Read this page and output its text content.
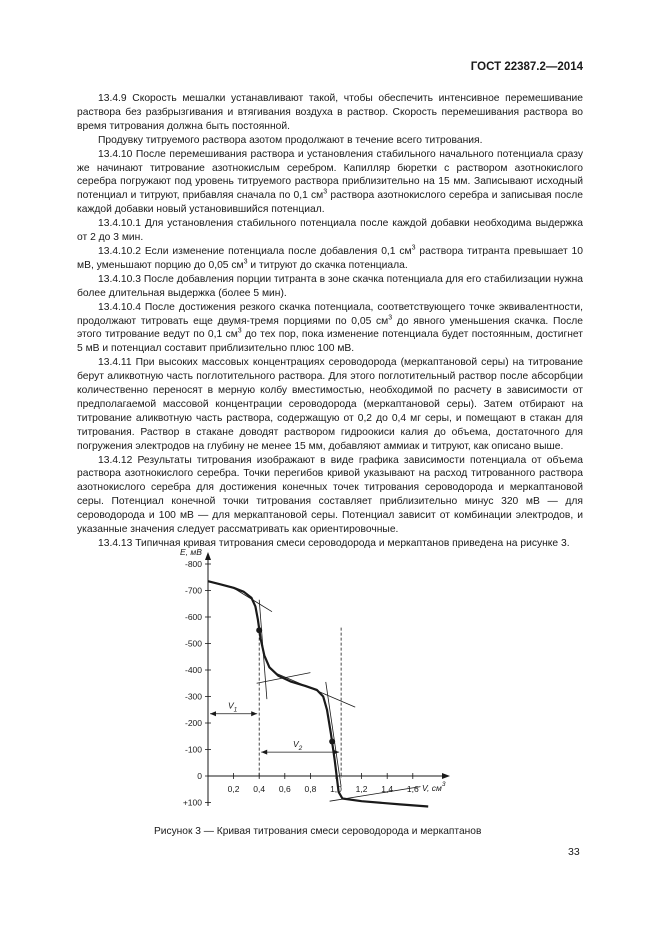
ГОСТ 22387.2—2014

13.4.9 Скорость мешалки устанавливают такой, чтобы обеспечить интенсивное перемешивание раствора без разбрызгивания и втягивания воздуха в раствор. Скорость перемешивания раствора во время титрования должна быть постоянной.

Продувку титруемого раствора азотом продолжают в течение всего титрования.

13.4.10 После перемешивания раствора и установления стабильного начального потенциала сразу же начинают титрование азотнокислым серебром. Капилляр бюретки с раствором азотнокислого серебра погружают под уровень титруемого раствора приблизительно на 15 мм. Записывают исходный потенциал и титруют, прибавляя сначала по 0,1 $см^3$ раствора азотнокислого серебра и записывая после каждой добавки новый установившийся потенциал.

13.4.10.1 Для установления стабильного потенциала после каждой добавки необходима выдержка от 2 до 3 мин.

13.4.10.2 Если изменение потенциала после добавления 0,1 $см^3$ раствора титранта превышает 10 мВ, уменьшают порцию до 0,05 $см^3$ и титруют до скачка потенциала.

13.4.10.3 После добавления порции титранта в зоне скачка потенциала для его стабилизации нужна более длительная выдержка (более 5 мин).

13.4.10.4 После достижения резкого скачка потенциала, соответствующего точке эквивалентности, продолжают титровать еще двумя-тремя порциями по 0,05 $см^3$ до явного уменьшения скачка. После этого титрование ведут по 0,1 $см^3$ до тех пор, пока изменение потенциала будет постоянным, достигнет 5 мВ и потенциал составит приблизительно плюс 100 мВ.

13.4.11 При высоких массовых концентрациях сероводорода (меркаптановой серы) на титрование берут аликвотную часть поглотительного раствора. Для этого поглотительный раствор после абсорбции количественно переносят в мерную колбу вместимостью, необходимой по расчету в зависимости от предполагаемой массовой концентрации сероводорода (меркаптановой серы). Затем отбирают на титрование аликвотную часть раствора, содержащую от 0,2 до 0,4 мг серы, и помещают в стакан для титрования. Раствор в стакане доводят раствором гидроокиси калия до объема, достаточного для погружения электродов на глубину не менее 15 мм, добавляют аммиак и титруют, как описано выше.

13.4.12 Результаты титрования изображают в виде графика зависимости потенциала от объема раствора азотнокислого серебра. Точки перегибов кривой указывают на расход титрованного раствора азотнокислого серебра для достижения конечных точек титрования сероводорода и меркаптановой серы. Потенциал конечной точки титрования составляет приблизительно минус 320 мВ — для сероводорода и 100 мВ — для меркаптановой серы. Потенциал зависит от комбинации электродов, и указанные значения следует рассматривать как ориентировочные.

13.4.13 Типичная кривая титрования смеси сероводорода и меркаптанов приведена на рисунке 3.

E, мВ
V, $см^3$
-800
-700
-600
-500
-400
-300
-200
-100
0
+100
0,2 0,4 0,6 0,8 1,0 1,2 1,4 1,6
$V_1$
$V_2$
Рисунок 3 — Кривая титрования смеси сероводорода и меркаптанов
33
